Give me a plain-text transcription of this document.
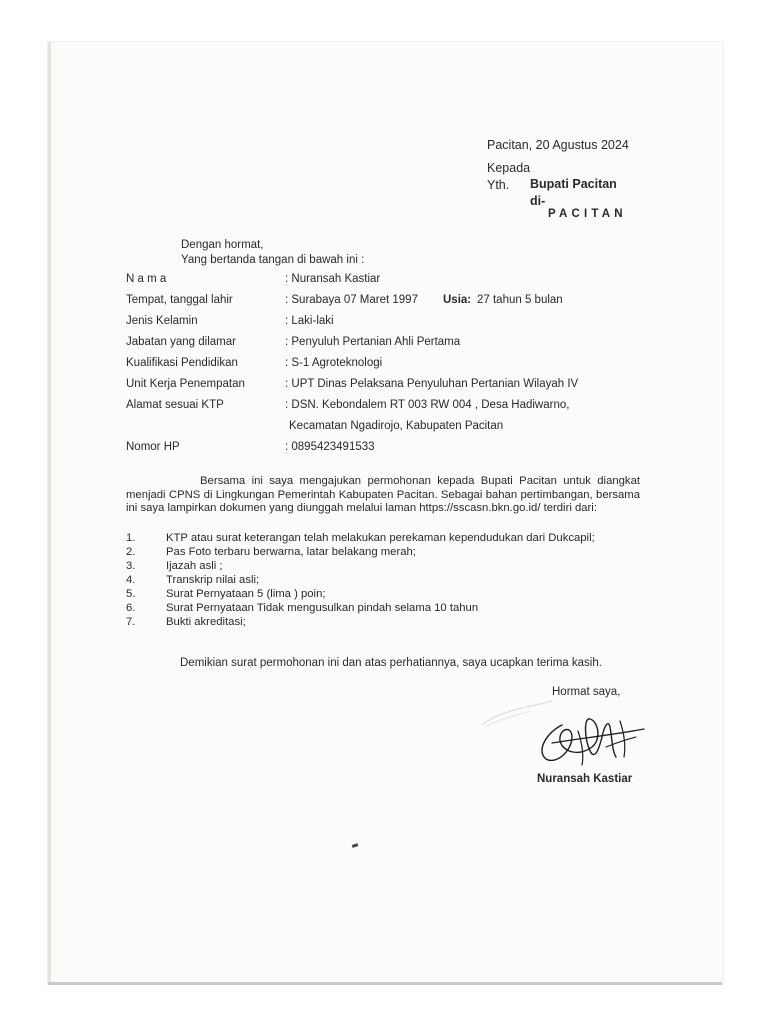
Pacitan, 20 Agustus 2024
Kepada
Yth. Bupati Pacitan
di-
PACITAN
Dengan hormat,
Yang bertanda tangan di bawah ini :
N a m a	: Nuransah Kastiar
Tempat, tanggal lahir	: Surabaya 07 Maret 1997 Usia: 27 tahun 5 bulan
Jenis Kelamin	: Laki-laki
Jabatan yang dilamar	: Penyuluh Pertanian Ahli Pertama
Kualifikasi Pendidikan	: S-1 Agroteknologi
Unit Kerja Penempatan	: UPT Dinas Pelaksana Penyuluhan Pertanian Wilayah IV
Alamat sesuai KTP	: DSN. Kebondalem RT 003 RW 004 , Desa Hadiwarno,
Kecamatan Ngadirojo, Kabupaten Pacitan
Nomor HP	: 0895423491533

Bersama ini saya mengajukan permohonan kepada Bupati Pacitan untuk diangkat menjadi CPNS di Lingkungan Pemerintah Kabupaten Pacitan. Sebagai bahan pertimbangan, bersama ini saya lampirkan dokumen yang diunggah melalui laman https://sscasn.bkn.go.id/ terdiri dari:

1.	KTP atau surat keterangan telah melakukan perekaman kependudukan dari Dukcapil;
2.	Pas Foto terbaru berwarna, latar belakang merah;
3.	Ijazah asli ;
4.	Transkrip nilai asli;
5.	Surat Pernyataan 5 (lima ) poin;
6.	Surat Pernyataan Tidak mengusulkan pindah selama 10 tahun
7.	Bukti akreditasi;
Demikian surat permohonan ini dan atas perhatiannya, saya ucapkan terima kasih.
Hormat saya,
Nuransah Kastiar
